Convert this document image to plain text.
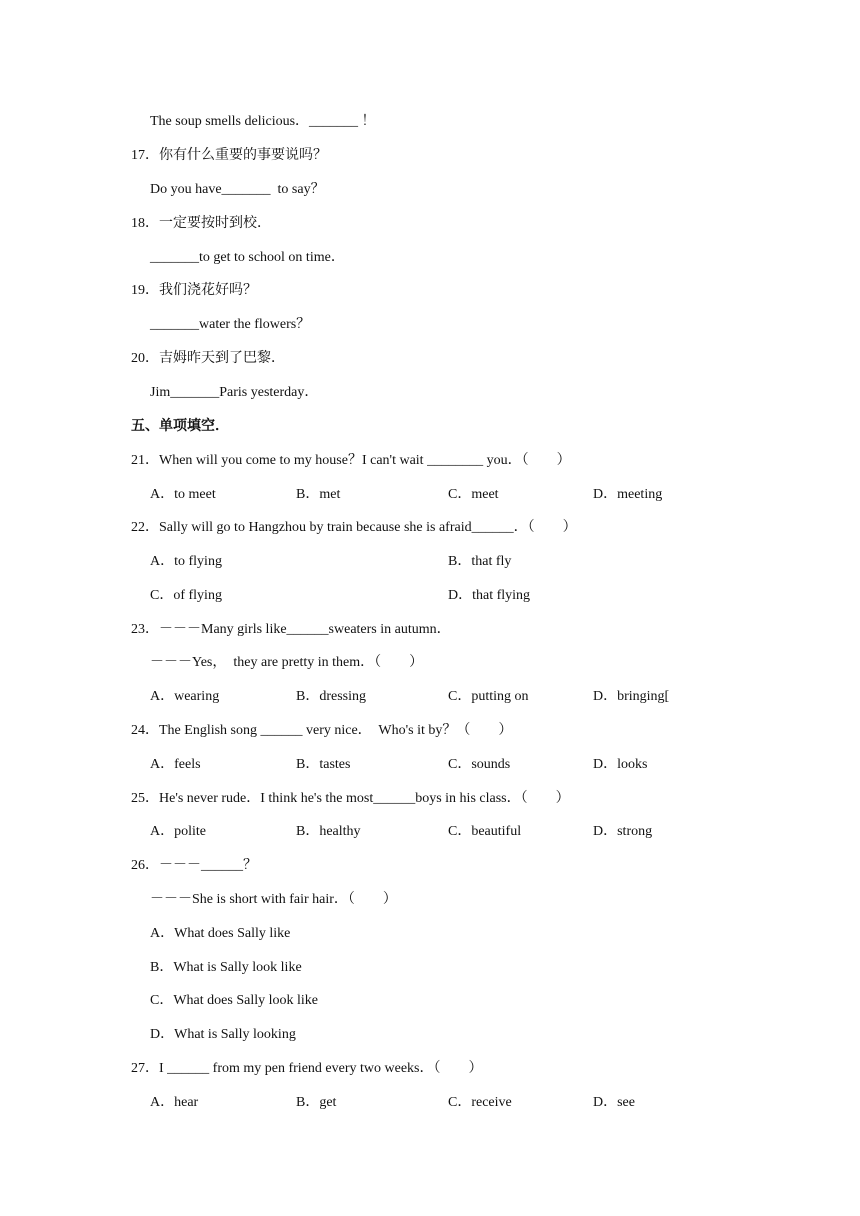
The soup smells delicious．_______ ！
17．你有什么重要的事要说吗？
Do you have_______  to say？
18．一定要按时到校．
_______to get to school on time．
19．我们浇花好吗？
_______water the flowers？
20．吉姆昨天到了巴黎．
Jim_______Paris yesterday．
五、单项填空．
21．When will you come to my house？I can't wait ________ you．（　　）
A．to meet	B．met	C．meet	D．meeting
22．Sally will go to Hangzhou by train because she is afraid______．（　　）
A．to flying	B．that fly
C．of flying	D．that flying
23．－－－Many girls like______sweaters in autumn．
－－－Yes，  they are pretty in them．（　　）
A．wearing	B．dressing	C．putting on	D．bringing[
24．The English song ______ very nice．  Who's it by？（　　）
A．feels	B．tastes	C．sounds	D．looks
25．He's never rude．I think he's the most______boys in his class．（　　）
A．polite	B．healthy	C．beautiful	D．strong
26．－－－______？
－－－She is short with fair hair．（　　）
A．What does Sally like
B．What is Sally look like
C．What does Sally look like
D．What is Sally looking
27．I ______ from my pen friend every two weeks．（　　）
A．hear	B．get	C．receive	D．see
